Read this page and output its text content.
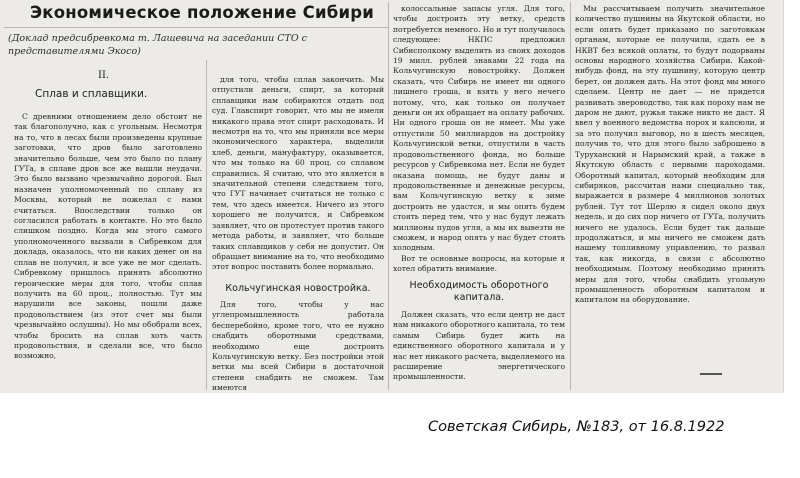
Экономическое положение Сибири
(Доклад предсибревкома т. Лашевича на заседании СТО с представителями Экосо)
II.
Сплав и сплавщики.

С древними отношением дело обстоит не так благополучно, как с угольным. Несмотря на то, что в лесах были произведены крупные заготовки, что дров было заготовлено значительно больше, чем это было по плану ГУТа, в сплаве дров все же вышли неудачи. Это было вызвано чрезвычайно дорогой. Был назначен уполномоченный по сплаву из Москвы, который не пожелал с нами считаться. Впоследствии только он согласился работать в контакте. Но это было слишком поздно. Когда мы этого самого уполномоченного вызвали в Сибревком для доклада, оказалось, что ни каких денег он на сплав не получил, и все уже не мог сделать. Сибревкому пришлось принять абсолютно героические меры для того, чтобы сплав получить на 60 проц., полностью. Тут мы нарушили все законы, пошли даже продовольствием (из этот счет мы были чрезвычайно ослушны). Но мы обобрали всех, чтобы бросить на сплав хоть часть продовольствия, и сделали все, что было возможно,

для того, чтобы сплав закончить. Мы отпустили деньги, спирт, за который сплавщики нам собираются отдать под суд. Главспирт говорит, что мы не имели никакого права этот спирт расходовать. И несмотря на то, что мы приняли все меры экономического характера, выделили хлеб, деньги, мануфактуру, оказывается, что мы только на 60 проц. со сплавом справились. Я считаю, что это является в значительной степени следствием того, что ГУТ начинает считаться не только с тем, что здесь имеется. Ничего из этого хорошего не получится, и Сибревком заявляет, что он протестует против такого метода работы, и заявляет, что больше таких сплавщиков у себя не допустит. Он обращает внимание на то, что необходимо этот вопрос поставить более нормально.

Кольчугинская новостройка.

Для того, чтобы у нас углепромышленность работала бесперебойно, кроме того, что ее нужно снабдить оборотными средствами, необходимо еще достроить Кольчугинскую ветку. Без постройки этой ветки мы всей Сибири в достаточной степени снабдить не сможем. Там имеются

колоссальные запасы угля. Для того, чтобы достроить эту ветку, средств потребуется немного. Но и тут получилось следующее: НКПС предложил Сибисполкому выделить из своих доходов 19 милл. рублей знаками 22 года на Кольчугинскую новостройку. Должен сказать, что Сибирь не имеет ни одного лишнего гроша, и взять у него нечего потому, что, как только он получает деньги он их обращает на оплату рабочих. Ни одного гроша он не имеет. Мы уже отпустили 50 миллиардов на достройку Кольчугинской ветки, отпустили в часть продовольственного фонда, но больше ресурсов у Сибревкома нет. Если не будет оказана помощь, не будут даны и продовольственные и денежные ресурсы, вам Кольчугинскую ветку к зиме достроить не удастся, и мы опять будем стоять перед тем, что у нас будут лежать миллионы пудов угля, а мы их вывезти не сможем, и народ опять у нас будет стоять холодным.

Вот те основные вопросы, на которые я хотел обратить внимание.

Необходимость оборотного капитала.

Должен сказать, что если центр не даст нам никакого оборотного капитала, то тем самым Сибирь будет жить на единственного оборотного капитала и у нас нет никакого расчета, выделяемого на расширение энергетического промышленности.

Мы рассчитываем получить значительное количество пушнины на Якутской области, но если опять будет приказано по заготовкам органам, которые ее получили, сдать ее в НКВТ без всякой оплаты, то будут подорваны основы народного хозяйства Сибири. Какой-нибудь фонд, на эту пушнину, которую центр берет, он должен дать. На этот фонд мы много сделаем. Центр не дает — не придется развивать звероводство, так как пороху нам не даром не дают, ружья также никто не даст. Я ввел у военного ведомства порох и капсюли, и за это получил выговор, но в шесть месяцев, получив то, что для этого было заброшено в Туруханский и Нарымский край, а также в Якутскую область с первыми пароходами. Оборотный капитал, который необходим для сибиряков, рассчитан нами специально так, выражается в размере 4 миллионов золотых рублей. Тут тот Шерлю я сидел около двух недель, и до сих пор ничего от ГУТа, получить ничего не удалось. Если будет так дальше продолжаться, и мы ничего не сможем дать нашему топливному управлению, то развал так, как никогда, в связи с абсолютно необходимым. Поэтому необходимо принять меры для того, чтобы снабдить угольную промышленность оборотным капиталом и капиталом на оборудование.

Советская Сибирь, №183, от 16.8.1922
